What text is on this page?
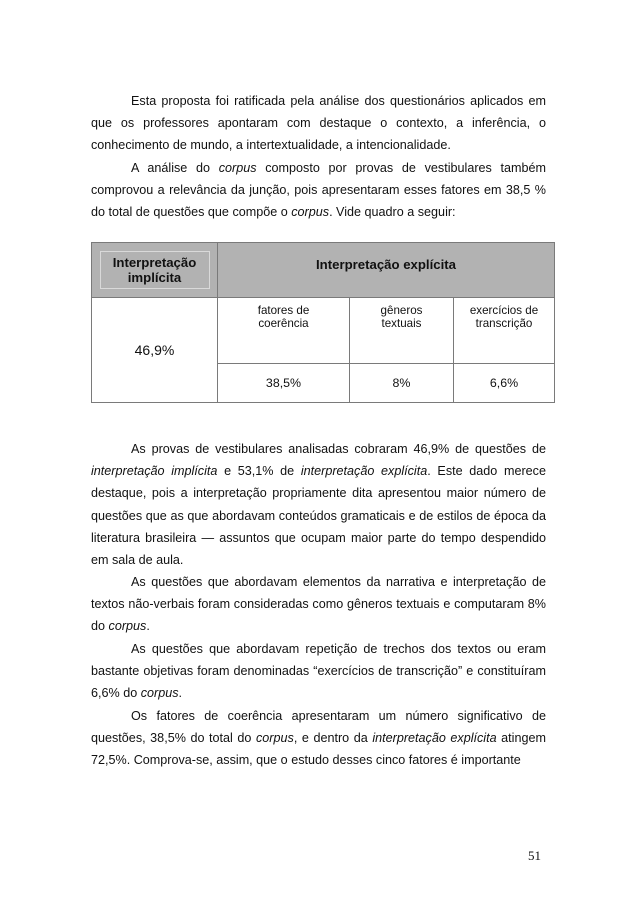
Esta proposta foi ratificada pela análise dos questionários aplicados em que os professores apontaram com destaque o contexto, a inferência, o conhecimento de mundo, a intertextualidade, a intencionalidade.

A análise do corpus composto por provas de vestibulares também comprovou a relevância da junção, pois apresentaram esses fatores em 38,5 % do total de questões que compõe o corpus. Vide quadro a seguir:

Interpretação implícita	Interpretação explícita		
46,9%	fatores de coerência	gêneros textuais	exercícios de transcrição
	38,5%	8%	6,6%

As provas de vestibulares analisadas cobraram 46,9% de questões de interpretação implícita e 53,1% de interpretação explícita. Este dado merece destaque, pois a interpretação propriamente dita apresentou maior número de questões que as que abordavam conteúdos gramaticais e de estilos de época da literatura brasileira — assuntos que ocupam maior parte do tempo despendido em sala de aula.

As questões que abordavam elementos da narrativa e interpretação de textos não-verbais foram consideradas como gêneros textuais e computaram 8% do corpus.

As questões que abordavam repetição de trechos dos textos ou eram bastante objetivas foram denominadas “exercícios de transcrição” e constituíram 6,6% do corpus.

Os fatores de coerência apresentaram um número significativo de questões, 38,5% do total do corpus, e dentro da interpretação explícita atingem 72,5%. Comprova-se, assim, que o estudo desses cinco fatores é importante

51
